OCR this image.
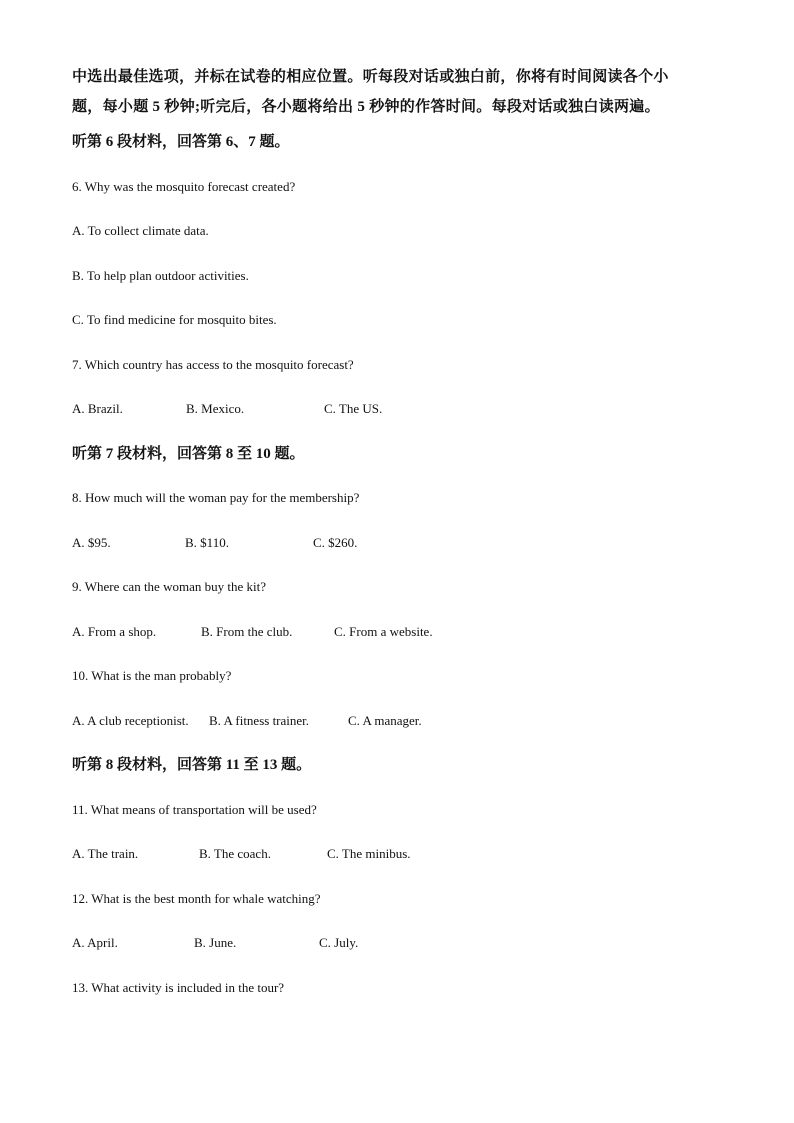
中选出最佳选项，并标在试卷的相应位置。听每段对话或独白前，你将有时间阅读各个小
题，每小题 5 秒钟;听完后，各小题将给出 5 秒钟的作答时间。每段对话或独白读两遍。
听第 6 段材料，回答第 6、7 题。
6. Why was the mosquito forecast created?
A. To collect climate data.
B. To help plan outdoor activities.
C. To find medicine for mosquito bites.
7. Which country has access to the mosquito forecast?
A. Brazil.	B. Mexico.	C. The US.
听第 7 段材料，回答第 8 至 10 题。
8. How much will the woman pay for the membership?
A. $95.	B. $110.	C. $260.
9. Where can the woman buy the kit?
A. From a shop.	B. From the club.	C. From a website.
10. What is the man probably?
A. A club receptionist. B. A fitness trainer.	C. A manager.
听第 8 段材料，回答第 11 至 13 题。
11. What means of transportation will be used?
A. The train.	B. The coach.	C. The minibus.
12. What is the best month for whale watching?
A. April.	B. June.	C. July.
13. What activity is included in the tour?
